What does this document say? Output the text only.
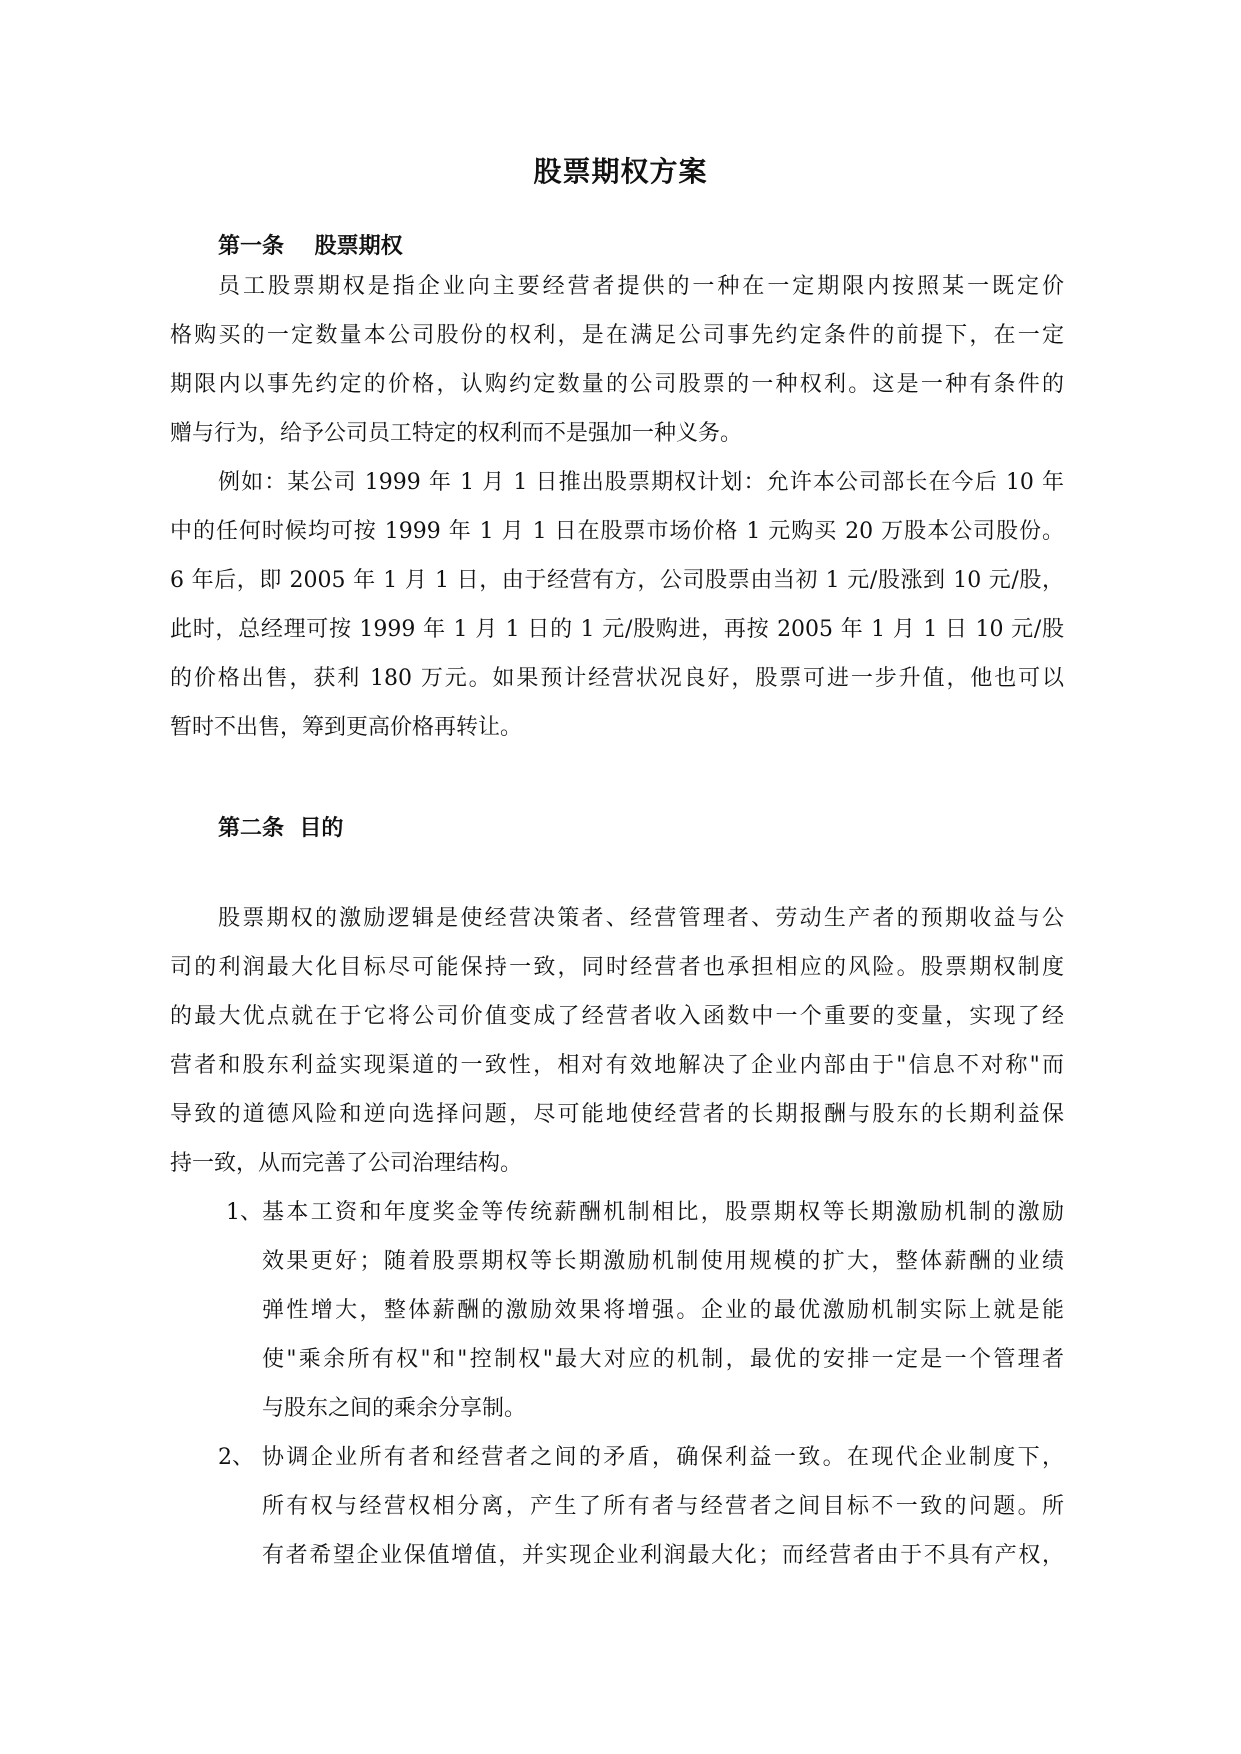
股票期权方案
第一条    股票期权
员工股票期权是指企业向主要经营者提供的一种在一定期限内按照某一既定价
格购买的一定数量本公司股份的权利，是在满足公司事先约定条件的前提下，在一定
期限内以事先约定的价格，认购约定数量的公司股票的一种权利。这是一种有条件的
赠与行为，给予公司员工特定的权利而不是强加一种义务。
例如：某公司 1999 年 1 月 1 日推出股票期权计划：允许本公司部长在今后 10 年
中的任何时候均可按 1999 年 1 月 1 日在股票市场价格 1 元购买 20 万股本公司股份。
6 年后，即 2005 年 1 月 1 日，由于经营有方，公司股票由当初 1 元/股涨到 10 元/股，
此时，总经理可按 1999 年 1 月 1 日的 1 元/股购进，再按 2005 年 1 月 1 日 10 元/股
的价格出售，获利 180 万元。如果预计经营状况良好，股票可进一步升值，他也可以
暂时不出售，筹到更高价格再转让。
第二条  目的
股票期权的激励逻辑是使经营决策者、经营管理者、劳动生产者的预期收益与公
司的利润最大化目标尽可能保持一致，同时经营者也承担相应的风险。股票期权制度
的最大优点就在于它将公司价值变成了经营者收入函数中一个重要的变量，实现了经
营者和股东利益实现渠道的一致性，相对有效地解决了企业内部由于"信息不对称"而
导致的道德风险和逆向选择问题，尽可能地使经营者的长期报酬与股东的长期利益保
持一致，从而完善了公司治理结构。
1、 基本工资和年度奖金等传统薪酬机制相比，股票期权等长期激励机制的激励
效果更好；随着股票期权等长期激励机制使用规模的扩大，整体薪酬的业绩
弹性增大，整体薪酬的激励效果将增强。企业的最优激励机制实际上就是能
使"乘余所有权"和"控制权"最大对应的机制，最优的安排一定是一个管理者
与股东之间的乘余分享制。
2、 协调企业所有者和经营者之间的矛盾，确保利益一致。在现代企业制度下，
所有权与经营权相分离，产生了所有者与经营者之间目标不一致的问题。所
有者希望企业保值增值，并实现企业利润最大化；而经营者由于不具有产权，
